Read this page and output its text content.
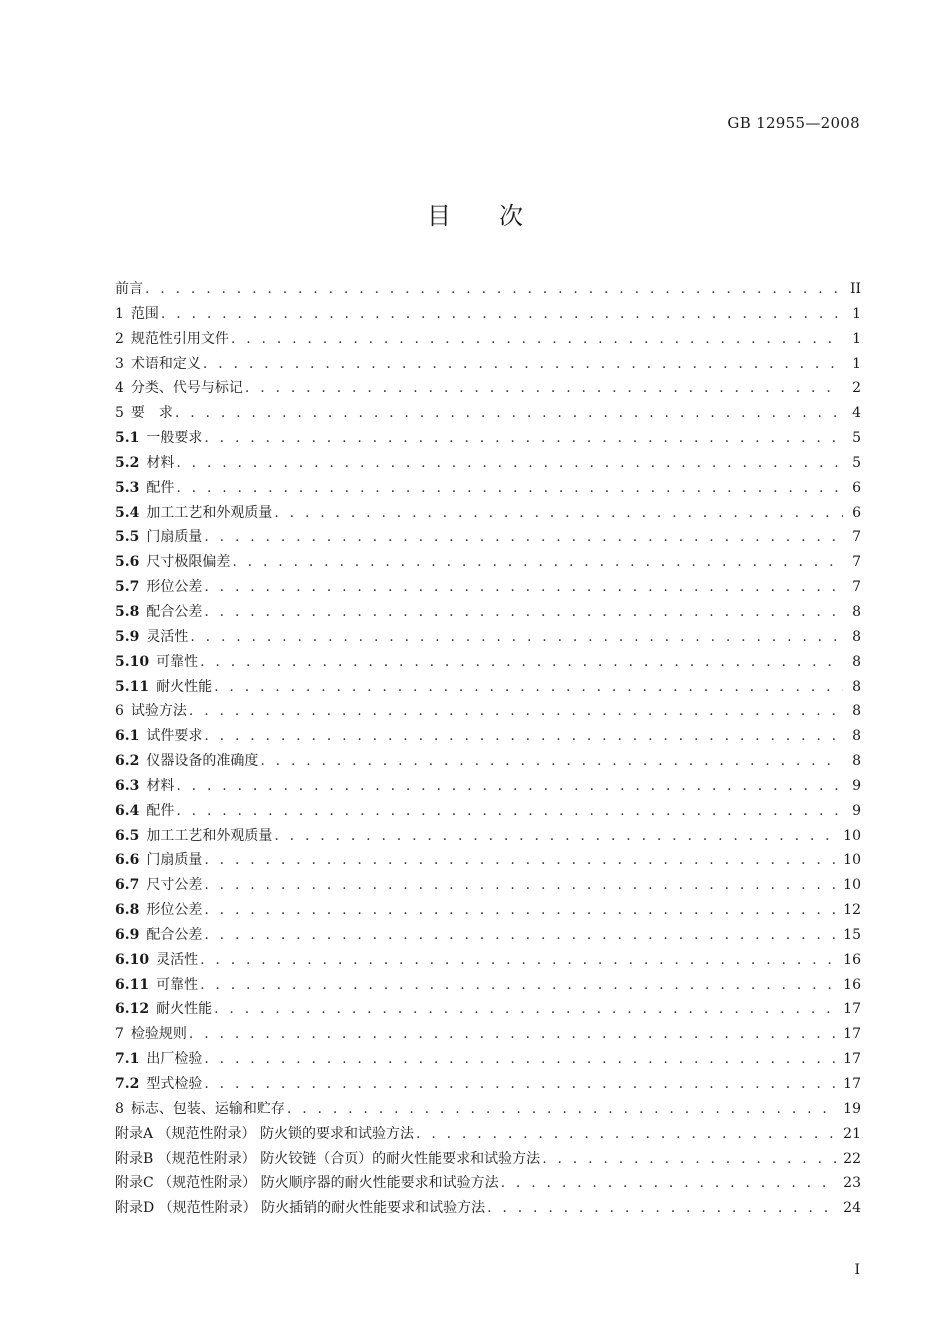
GB 12955—2008
目次
前言 . . .	II
1 范围 . . .	1
2 规范性引用文件 . . .	1
3 术语和定义 . . .	1
4 分类、代号与标记 . . .	2
5 要　求 . . .	4
5.1 一般要求 . . .	5
5.2 材料 . . .	5
5.3 配件 . . .	6
5.4 加工工艺和外观质量 . . .	6
5.5 门扇质量 . . .	7
5.6 尺寸极限偏差 . . .	7
5.7 形位公差 . . .	7
5.8 配合公差 . . .	8
5.9 灵活性 . . .	8
5.10 可靠性 . . .	8
5.11 耐火性能 . . .	8
6 试验方法 . . .	8
6.1 试件要求 . . .	8
6.2 仪器设备的准确度 . . .	8
6.3 材料 . . .	9
6.4 配件 . . .	9
6.5 加工工艺和外观质量 . . .	10
6.6 门扇质量 . . .	10
6.7 尺寸公差 . . .	10
6.8 形位公差 . . .	12
6.9 配合公差 . . .	15
6.10 灵活性 . . .	16
6.11 可靠性 . . .	16
6.12 耐火性能 . . .	17
7 检验规则 . . .	17
7.1 出厂检验 . . .	17
7.2 型式检验 . . .	17
8 标志、包装、运输和贮存 . . .	19
附录A （规范性附录） 防火锁的要求和试验方法 . . .	21
附录B （规范性附录） 防火铰链（合页）的耐火性能要求和试验方法 . . .	22
附录C （规范性附录） 防火顺序器的耐火性能要求和试验方法 . . .	23
附录D （规范性附录） 防火插销的耐火性能要求和试验方法 . . .	24
I
